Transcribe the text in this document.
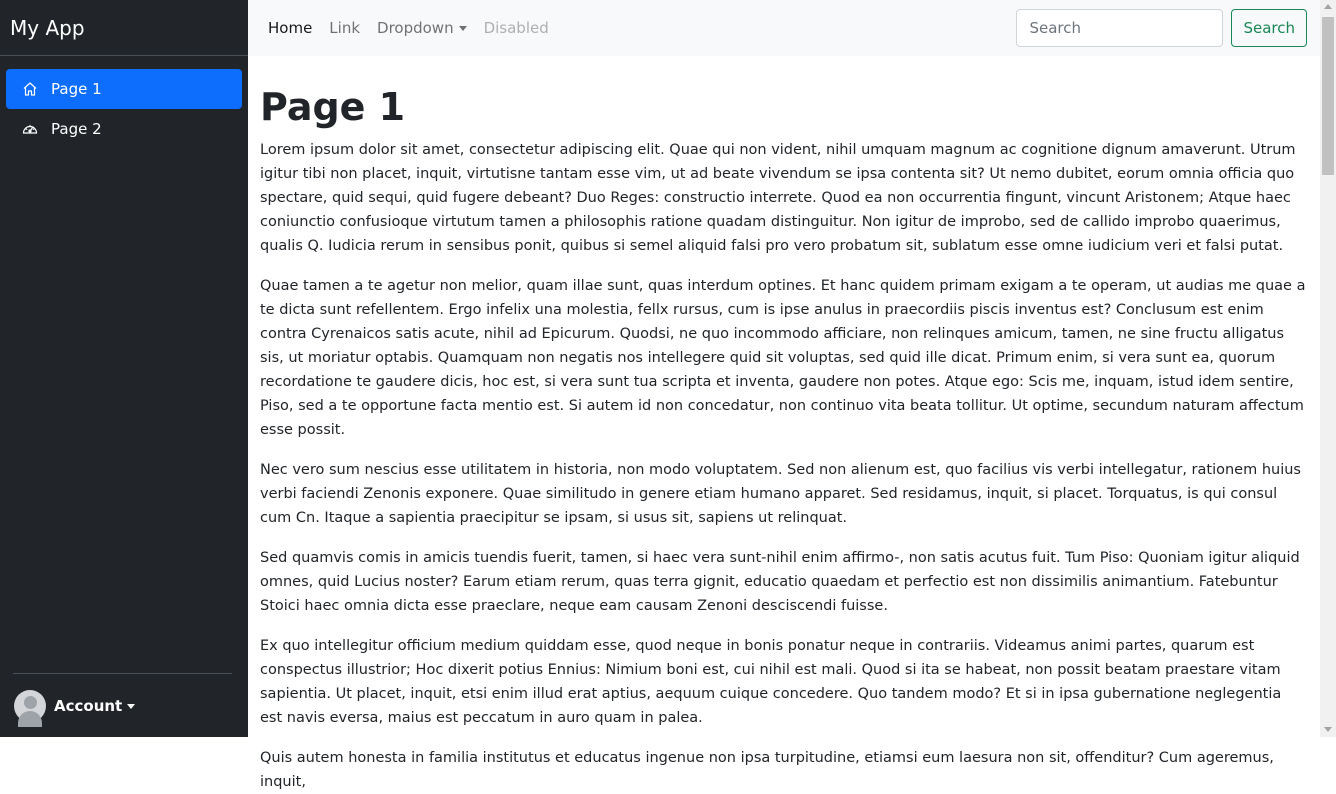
My App
Page 1
Page 2
Account
Home Link Dropdown Disabled
Search	Search
Page 1

Lorem ipsum dolor sit amet, consectetur adipiscing elit. Quae qui non vident, nihil umquam magnum ac cognitione dignum amaverunt. Utrum igitur tibi non placet, inquit, virtutisne tantam esse vim, ut ad beate vivendum se ipsa contenta sit? Ut nemo dubitet, eorum omnia officia quo spectare, quid sequi, quid fugere debeant? Duo Reges: constructio interrete. Quod ea non occurrentia fingunt, vincunt Aristonem; Atque haec coniunctio confusioque virtutum tamen a philosophis ratione quadam distinguitur. Non igitur de improbo, sed de callido improbo quaerimus, qualis Q. Iudicia rerum in sensibus ponit, quibus si semel aliquid falsi pro vero probatum sit, sublatum esse omne iudicium veri et falsi putat.

Quae tamen a te agetur non melior, quam illae sunt, quas interdum optines. Et hanc quidem primam exigam a te operam, ut audias me quae a te dicta sunt refellentem. Ergo infelix una molestia, fellx rursus, cum is ipse anulus in praecordiis piscis inventus est? Conclusum est enim contra Cyrenaicos satis acute, nihil ad Epicurum. Quodsi, ne quo incommodo afficiare, non relinques amicum, tamen, ne sine fructu alligatus sis, ut moriatur optabis. Quamquam non negatis nos intellegere quid sit voluptas, sed quid ille dicat. Primum enim, si vera sunt ea, quorum recordatione te gaudere dicis, hoc est, si vera sunt tua scripta et inventa, gaudere non potes. Atque ego: Scis me, inquam, istud idem sentire, Piso, sed a te opportune facta mentio est. Si autem id non concedatur, non continuo vita beata tollitur. Ut optime, secundum naturam affectum esse possit.

Nec vero sum nescius esse utilitatem in historia, non modo voluptatem. Sed non alienum est, quo facilius vis verbi intellegatur, rationem huius verbi faciendi Zenonis exponere. Quae similitudo in genere etiam humano apparet. Sed residamus, inquit, si placet. Torquatus, is qui consul cum Cn. Itaque a sapientia praecipitur se ipsam, si usus sit, sapiens ut relinquat.

Sed quamvis comis in amicis tuendis fuerit, tamen, si haec vera sunt-nihil enim affirmo-, non satis acutus fuit. Tum Piso: Quoniam igitur aliquid omnes, quid Lucius noster? Earum etiam rerum, quas terra gignit, educatio quaedam et perfectio est non dissimilis animantium. Fatebuntur Stoici haec omnia dicta esse praeclare, neque eam causam Zenoni desciscendi fuisse.

Ex quo intellegitur officium medium quiddam esse, quod neque in bonis ponatur neque in contrariis. Videamus animi partes, quarum est conspectus illustrior; Hoc dixerit potius Ennius: Nimium boni est, cui nihil est mali. Quod si ita se habeat, non possit beatam praestare vitam sapientia. Ut placet, inquit, etsi enim illud erat aptius, aequum cuique concedere. Quo tandem modo? Et si in ipsa gubernatione neglegentia est navis eversa, maius est peccatum in auro quam in palea.

Quis autem honesta in familia institutus et educatus ingenue non ipsa turpitudine, etiamsi eum laesura non sit, offenditur? Cum ageremus, inquit,
